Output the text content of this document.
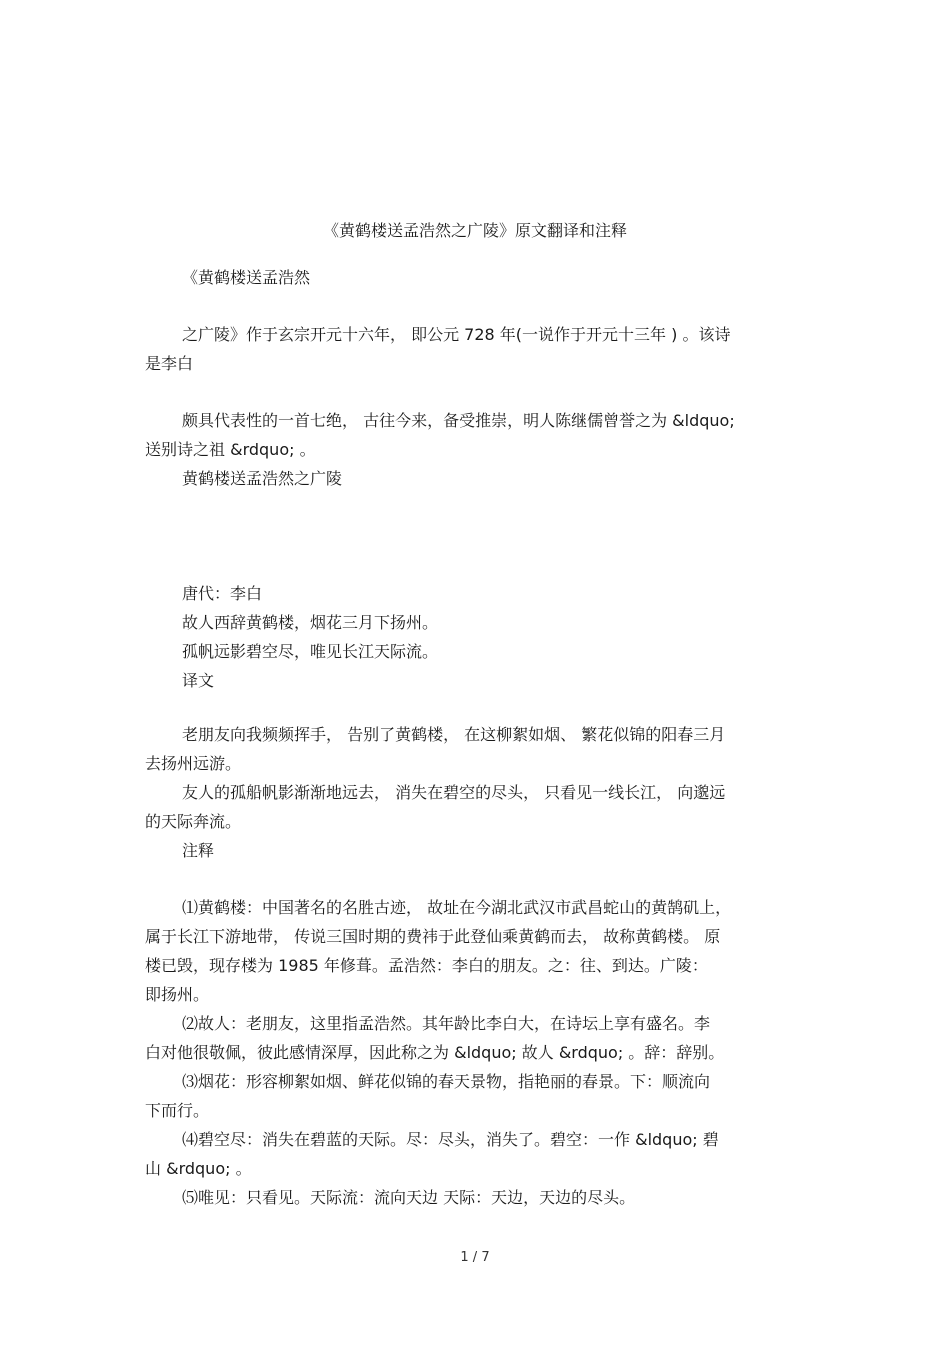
《黄鹤楼送孟浩然之广陵》原文翻译和注释
《黄鹤楼送孟浩然
之广陵》作于玄宗开元十六年， 即公元 728 年(一说作于开元十三年 ) 。该诗
是李白
颇具代表性的一首七绝， 古往今来，备受推崇，明人陈继儒曾誉之为 &ldquo;
送别诗之祖 &rdquo; 。
黄鹤楼送孟浩然之广陵
唐代：李白
故人西辞黄鹤楼，烟花三月下扬州。
孤帆远影碧空尽，唯见长江天际流。
译文
老朋友向我频频挥手， 告别了黄鹤楼， 在这柳絮如烟、 繁花似锦的阳春三月
去扬州远游。
友人的孤船帆影渐渐地远去， 消失在碧空的尽头， 只看见一线长江， 向邈远
的天际奔流。
注释
⑴黄鹤楼：中国著名的名胜古迹， 故址在今湖北武汉市武昌蛇山的黄鹄矶上，
属于长江下游地带， 传说三国时期的费祎于此登仙乘黄鹤而去， 故称黄鹤楼。 原
楼已毁，现存楼为 1985 年修葺。孟浩然：李白的朋友。之：往、到达。广陵：
即扬州。
⑵故人：老朋友，这里指孟浩然。其年龄比李白大，在诗坛上享有盛名。李
白对他很敬佩，彼此感情深厚，因此称之为 &ldquo; 故人 &rdquo; 。辞：辞别。
⑶烟花：形容柳絮如烟、鲜花似锦的春天景物，指艳丽的春景。下：顺流向
下而行。
⑷碧空尽：消失在碧蓝的天际。尽：尽头，消失了。碧空：一作 &ldquo; 碧
山 &rdquo; 。
⑸唯见：只看见。天际流：流向天边 天际：天边，天边的尽头。
1 / 7
